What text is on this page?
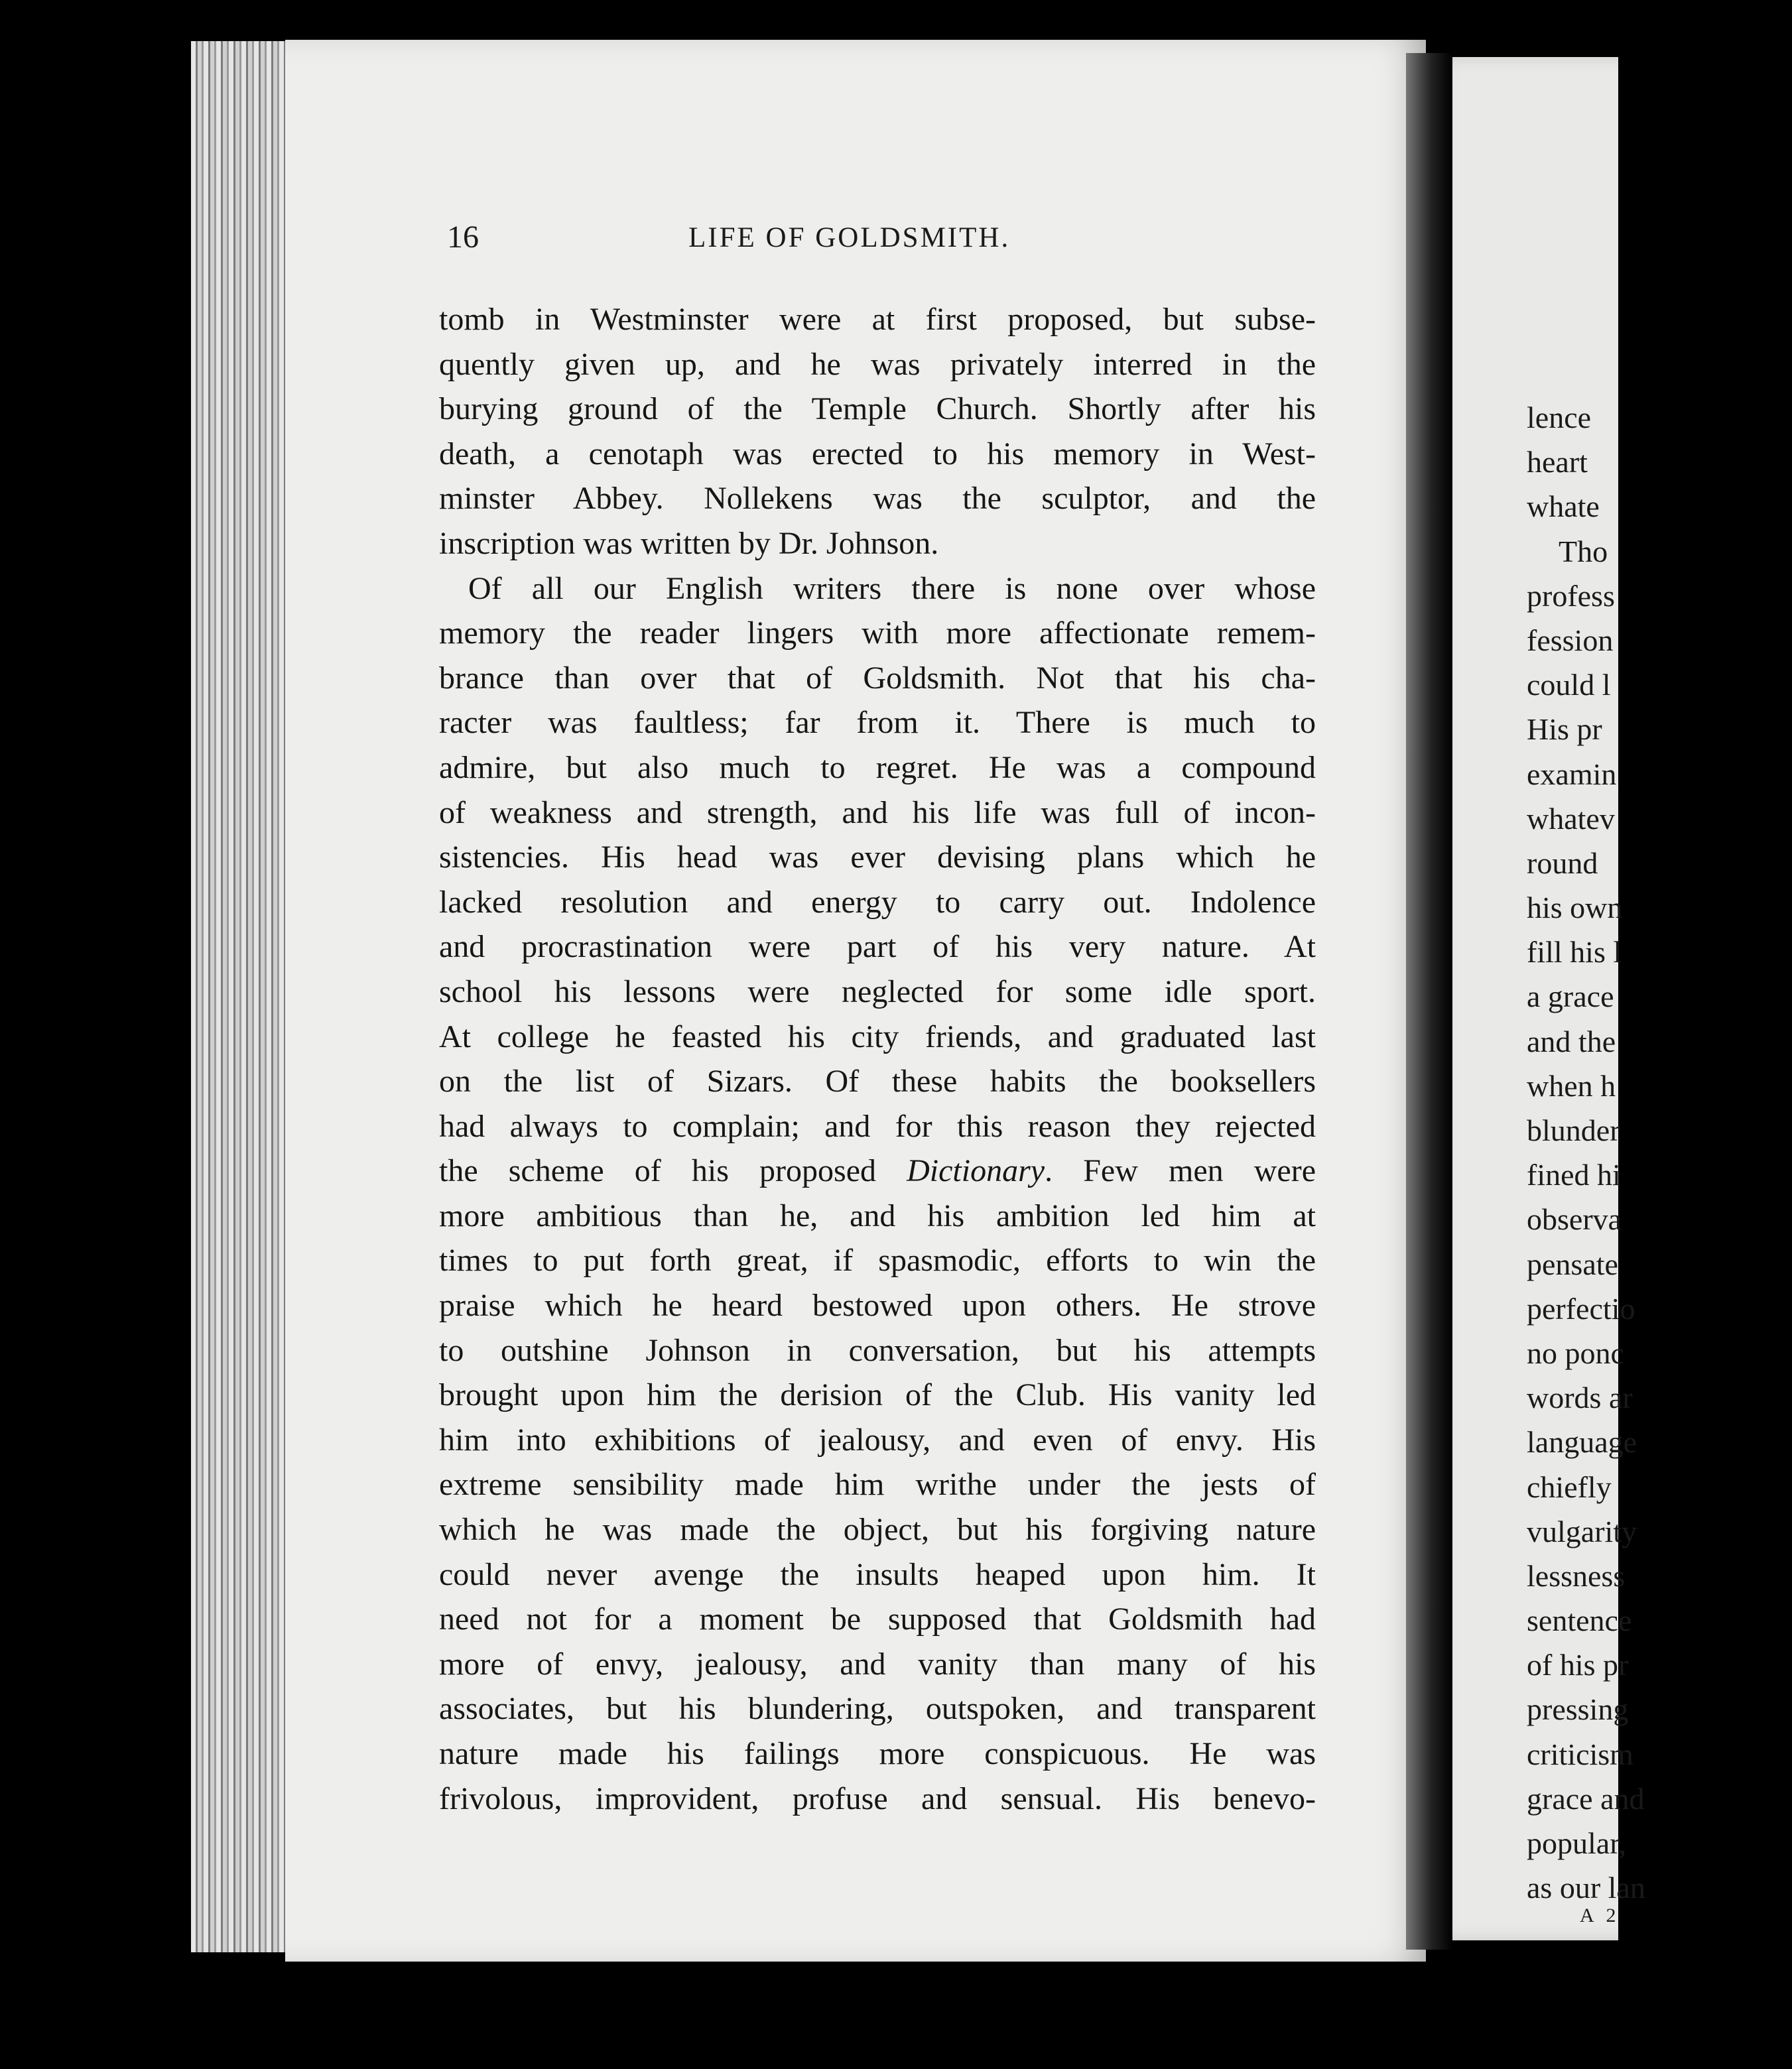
lence
heart
whate
Tho
profess
fession
could l
His pr
examin
whatev
round
his own
fill his l
a grace
and the
when h
blunder
fined hi
observa
pensate
perfectio
no ponc
words ar
language
chiefly
vulgarity
lessness
sentence
of his pr
pressing
criticism
grace and
popular,
as our lan
A 2
16	LIFE OF GOLDSMITH.
tomb in Westminster were at first proposed, but subse-
quently given up, and he was privately interred in the
burying ground of the Temple Church. Shortly after his
death, a cenotaph was erected to his memory in West-
minster Abbey. Nollekens was the sculptor, and the
inscription was written by Dr. Johnson.
Of all our English writers there is none over whose
memory the reader lingers with more affectionate remem-
brance than over that of Goldsmith. Not that his cha-
racter was faultless; far from it. There is much to
admire, but also much to regret. He was a compound
of weakness and strength, and his life was full of incon-
sistencies. His head was ever devising plans which he
lacked resolution and energy to carry out. Indolence
and procrastination were part of his very nature. At
school his lessons were neglected for some idle sport.
At college he feasted his city friends, and graduated last
on the list of Sizars. Of these habits the booksellers
had always to complain; and for this reason they rejected
the scheme of his proposed Dictionary. Few men were
more ambitious than he, and his ambition led him at
times to put forth great, if spasmodic, efforts to win the
praise which he heard bestowed upon others. He strove
to outshine Johnson in conversation, but his attempts
brought upon him the derision of the Club. His vanity led
him into exhibitions of jealousy, and even of envy. His
extreme sensibility made him writhe under the jests of
which he was made the object, but his forgiving nature
could never avenge the insults heaped upon him. It
need not for a moment be supposed that Goldsmith had
more of envy, jealousy, and vanity than many of his
associates, but his blundering, outspoken, and transparent
nature made his failings more conspicuous. He was
frivolous, improvident, profuse and sensual. His benevo-
